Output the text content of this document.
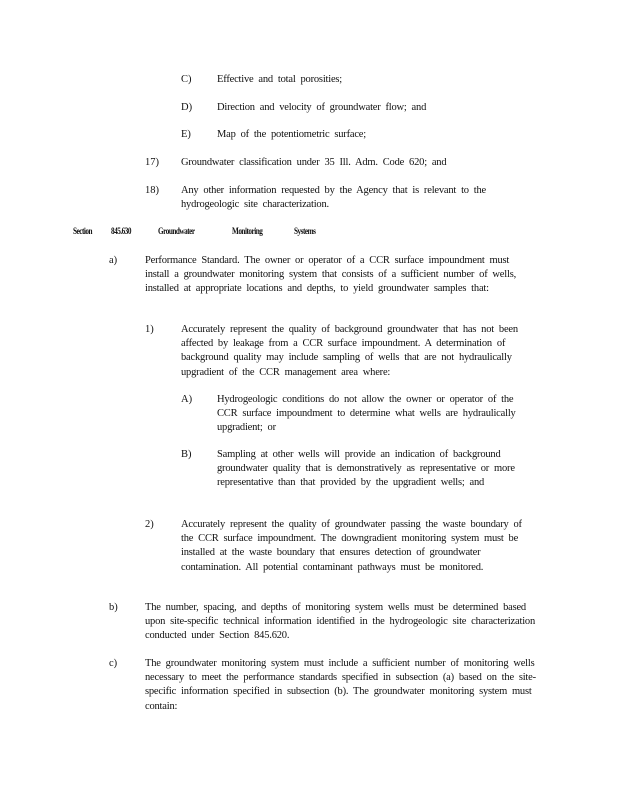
C) Effective and total porosities;
D) Direction and velocity of groundwater flow; and
E) Map of the potentiometric surface;
17) Groundwater classification under 35 Ill. Adm. Code 620; and
18) Any other information requested by the Agency that is relevant to the hydrogeologic site characterization.
Section 845.630	Groundwater	Monitoring	Systems
a)	Performance Standard. The owner or operator of a CCR surface impoundment must install a groundwater monitoring system that consists of a sufficient number of wells, installed at appropriate locations and depths, to yield groundwater samples that:
1)	Accurately represent the quality of background groundwater that has not been affected by leakage from a CCR surface impoundment. A determination of background quality may include sampling of wells that are not hydraulically upgradient of the CCR management area where:
A) Hydrogeologic conditions do not allow the owner or operator of the CCR surface impoundment to determine what wells are hydraulically upgradient; or
B) Sampling at other wells will provide an indication of background groundwater quality that is demonstratively as representative or more representative than that provided by the upgradient wells; and
2)	Accurately represent the quality of groundwater passing the waste boundary of the CCR surface impoundment. The downgradient monitoring system must be installed at the waste boundary that ensures detection of groundwater contamination. All potential contaminant pathways must be monitored.
b)	The number, spacing, and depths of monitoring system wells must be determined based upon site-specific technical information identified in the hydrogeologic site characterization conducted under Section 845.620.
c)	The groundwater monitoring system must include a sufficient number of monitoring wells necessary to meet the performance standards specified in subsection (a) based on the site-specific information specified in subsection (b). The groundwater monitoring system must contain:
